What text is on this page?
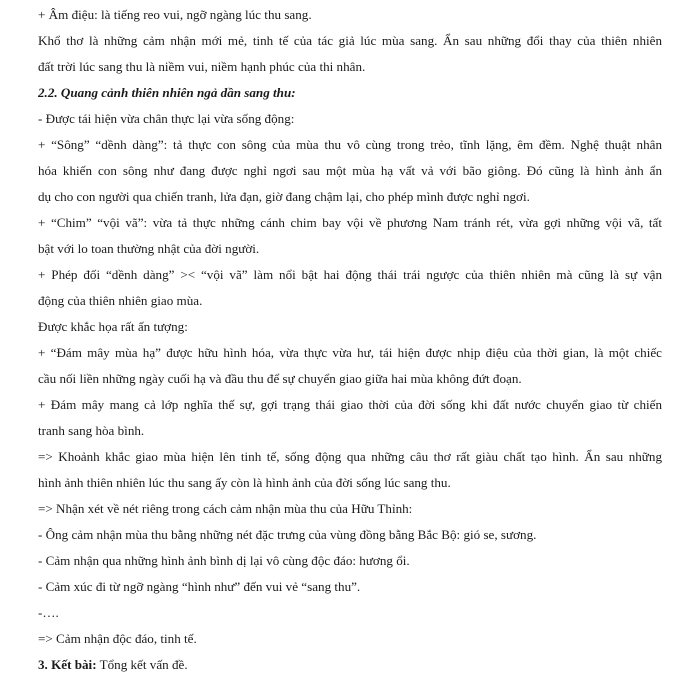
+ Âm điệu: là tiếng reo vui, ngỡ ngàng lúc thu sang.
Khổ thơ là những cảm nhận mới mẻ, tinh tế của tác giả lúc mùa sang. Ẩn sau những đổi thay của thiên nhiên
đất trời lúc sang thu là niềm vui, niềm hạnh phúc của thi nhân.
2.2. Quang cảnh thiên nhiên ngả dần sang thu:
- Được tái hiện vừa chân thực lại vừa sống động:
+ “Sông” “dềnh dàng”: tả thực con sông của mùa thu vô cùng trong trẻo, tĩnh lặng, êm đềm. Nghệ thuật nhân
hóa khiến con sông như đang được nghỉ ngơi sau một mùa hạ vất vả với bão giông. Đó cũng là hình ảnh ẩn
dụ cho con người qua chiến tranh, lửa đạn, giờ đang chậm lại, cho phép mình được nghỉ ngơi.
+ “Chim” “vội vã”: vừa tả thực những cánh chim bay vội về phương Nam tránh rét, vừa gợi những vội vã, tất
bật với lo toan thường nhật của đời người.
+ Phép đối “dềnh dàng” >< “vội vã” làm nổi bật hai động thái trái ngược của thiên nhiên mà cũng là sự vận
động của thiên nhiên giao mùa.
Được khắc họa rất ấn tượng:
+ “Đám mây mùa hạ” được hữu hình hóa, vừa thực vừa hư, tái hiện được nhịp điệu của thời gian, là một chiếc
cầu nối liền những ngày cuối hạ và đầu thu để sự chuyển giao giữa hai mùa không đứt đoạn.
+ Đám mây mang cả lớp nghĩa thế sự, gợi trạng thái giao thời của đời sống khi đất nước chuyển giao từ chiến
tranh sang hòa bình.
=> Khoảnh khắc giao mùa hiện lên tinh tế, sống động qua những câu thơ rất giàu chất tạo hình. Ẩn sau những
hình ảnh thiên nhiên lúc thu sang ấy còn là hình ảnh của đời sống lúc sang thu.
=> Nhận xét về nét riêng trong cách cảm nhận mùa thu của Hữu Thỉnh:
- Ông cảm nhận mùa thu bằng những nét đặc trưng của vùng đồng bằng Bắc Bộ: gió se, sương.
- Cảm nhận qua những hình ảnh bình dị lại vô cùng độc đáo: hương ổi.
- Cảm xúc đi từ ngỡ ngàng “hình như” đến vui vẻ “sang thu”.
-….
=> Cảm nhận độc đáo, tinh tế.
3. Kết bài: Tổng kết vấn đề.
